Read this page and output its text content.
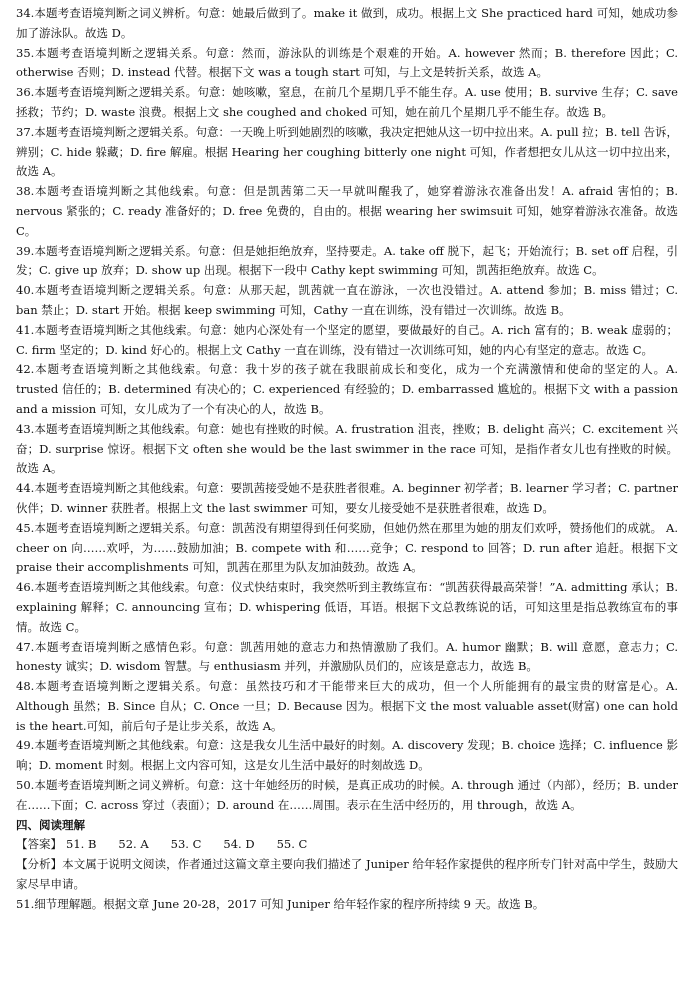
34.本题考查语境判断之词义辨析。句意：她最后做到了。make it 做到，成功。根据上文 She practiced hard 可知，她成功参加了游泳队。故选 D。

35.本题考查语境判断之逻辑关系。句意：然而，游泳队的训练是个艰难的开始。A. however 然而；B. therefore 因此；C. otherwise 否则；D. instead 代替。根据下文 was a tough start 可知，与上文是转折关系，故选 A。

36.本题考查语境判断之逻辑关系。句意：她咳嗽，窒息，在前几个星期几乎不能生存。A. use 使用；B. survive 生存；C. save 拯救；节约；D. waste 浪费。根据上文 she coughed and choked 可知，她在前几个星期几乎不能生存。故选 B。

37.本题考查语境判断之逻辑关系。句意：一天晚上听到她剧烈的咳嗽，我决定把她从这一切中拉出来。A. pull 拉；B. tell 告诉，辨别；C. hide 躲藏；D. fire 解雇。根据 Hearing her coughing bitterly one night 可知，作者想把女儿从这一切中拉出来，故选 A。

38.本题考查语境判断之其他线索。句意：但是凯茜第二天一早就叫醒我了，她穿着游泳衣准备出发！A. afraid 害怕的；B. nervous 紧张的；C. ready 准备好的；D. free 免费的，自由的。根据 wearing her swimsuit 可知，她穿着游泳衣准备。故选 C。

39.本题考查语境判断之逻辑关系。句意：但是她拒绝放弃，坚持要走。A. take off 脱下，起飞；开始流行；B. set off 启程，引发；C. give up 放弃；D. show up 出现。根据下一段中 Cathy kept swimming 可知，凯茜拒绝放弃。故选 C。

40.本题考查语境判断之逻辑关系。句意：从那天起，凯茜就一直在游泳，一次也没错过。A. attend 参加；B. miss 错过；C. ban 禁止；D. start 开始。根据 keep swimming 可知，Cathy 一直在训练，没有错过一次训练。故选 B。

41.本题考查语境判断之其他线索。句意：她内心深处有一个坚定的愿望，要做最好的自己。A. rich 富有的；B. weak 虚弱的；C. firm 坚定的；D. kind 好心的。根据上文 Cathy 一直在训练，没有错过一次训练可知，她的内心有坚定的意志。故选 C。

42.本题考查语境判断之其他线索。句意：我十岁的孩子就在我眼前成长和变化，成为一个充满激情和使命的坚定的人。A. trusted 信任的；B. determined 有决心的；C. experienced 有经验的；D. embarrassed 尴尬的。根据下文 with a passion and a mission 可知，女儿成为了一个有决心的人，故选 B。

43.本题考查语境判断之其他线索。句意：她也有挫败的时候。A. frustration 沮丧，挫败；B. delight 高兴；C. excitement 兴奋；D. surprise 惊讶。根据下文 often she would be the last swimmer in the race 可知，是指作者女儿也有挫败的时候。故选 A。

44.本题考查语境判断之其他线索。句意：要凯茜接受她不是获胜者很难。A. beginner 初学者；B. learner 学习者；C. partner 伙伴；D. winner 获胜者。根据上文 the last swimmer 可知，要女儿接受她不是获胜者很难，故选 D。

45.本题考查语境判断之逻辑关系。句意：凯茜没有期望得到任何奖励，但她仍然在那里为她的朋友们欢呼，赞扬他们的成就。 A. cheer on 向……欢呼，为……鼓励加油；B. compete with 和……竞争；C. respond to 回答；D. run after 追赶。根据下文 praise their accomplishments 可知，凯茜在那里为队友加油鼓劲。故选 A。

46.本题考查语境判断之其他线索。句意：仪式快结束时，我突然听到主教练宣布：“凯茜获得最高荣誉！”A. admitting 承认；B. explaining 解释；C. announcing 宣布；D. whispering 低语，耳语。根据下文总教练说的话，可知这里是指总教练宣布的事情。故选 C。

47.本题考查语境判断之感情色彩。句意：凯茜用她的意志力和热情激励了我们。A. humor 幽默；B. will 意愿，意志力；C. honesty 诚实；D. wisdom 智慧。与 enthusiasm 并列，并激励队员们的，应该是意志力，故选 B。

48.本题考查语境判断之逻辑关系。句意：虽然技巧和才干能带来巨大的成功，但一个人所能拥有的最宝贵的财富是心。A. Although 虽然；B. Since 自从；C. Once 一旦；D. Because 因为。根据下文 the most valuable asset(财富) one can hold is the heart.可知，前后句子是让步关系，故选 A。

49.本题考查语境判断之其他线索。句意：这是我女儿生活中最好的时刻。A. discovery 发现；B. choice 选择；C. influence 影响；D. moment 时刻。根据上文内容可知，这是女儿生活中最好的时刻故选 D。

50.本题考查语境判断之词义辨析。句意：这十年她经历的时候，是真正成功的时候。A. through 通过（内部），经历；B. under 在……下面；C. across 穿过（表面）；D. around 在……周围。表示在生活中经历的，用 through，故选 A。

四、阅读理解

【答案】 51. B 52. A 53. C 54. D 55. C

【分析】本文属于说明文阅读，作者通过这篇文章主要向我们描述了 Juniper 给年轻作家提供的程序所专门针对高中学生，鼓励大家尽早申请。

51.细节理解题。根据文章 June 20-28，2017 可知 Juniper 给年轻作家的程序所持续 9 天。故选 B。
